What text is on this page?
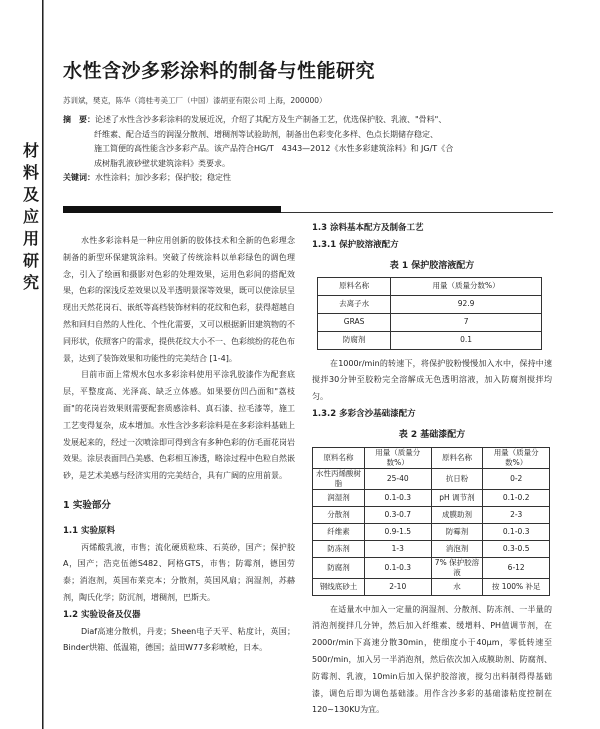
材
料
及
应
用
研
究
水性含沙多彩涂料的制备与性能研究
苏训斌，樊克，陈华（湾桂考美工厂（中国）漆胡亚有限公司 上海，200000）
摘　要：论述了水性含沙多彩涂料的发展近况，介绍了其配方及生产制备工艺，优选保护胶、乳液、"骨料"、
纤维素、配合适当的润湿分散剂、增稠剂等试验助剂，制备出色彩变化多样、色点长期储存稳定、
施工简便的高性能含沙多彩产品。该产品符合HG/T　4343—2012《水性多彩建筑涂料》和 JG/T《合
成树脂乳液砂壁状建筑涂料》类要求。
关键词：水性涂料；加沙多彩；保护胶；稳定性

水性多彩涂料是一种应用创新的胶体技术和全新的色彩理念制备的新型环保建筑涂料。突破了传统涂料以单彩绿色的调色理念，引入了绘画和摄影对色彩的处理效果，运用色彩间的搭配效果，色彩的深浅反差效果以及半透明景深等效果，既可以使涂层呈现出天然花岗石、嵌纸等高档装饰材料的花纹和色彩，获得超越自然和回归自然的人性化、个性化需要，又可以根据新旧建筑物的不同形状，依照客户的需求，提供花纹大小不一、色彩缤纷的花色布景，达到了装饰效果和功能性的完美结合 [1-4]。

目前市面上常规水包水多彩涂料使用平涂乳胶漆作为配套底层，平整度高、光泽高、缺乏立体感。如果要仿凹凸面和"荔枝面"的花岗岩效果则需要配套质感涂料、真石漆、拉毛漆等，施工工艺变得复杂，成本增加。水性含沙多彩涂料是在多彩涂料基础上发展起来的，经过一次喷涂即可得到含有多种色彩的仿毛面花岗岩效果。涂层表面凹凸美感、色彩相互渗透，略涂过程中色粒自然嵌砂，是艺术美感与经济实用的完美结合，具有广阔的应用前景。

1 实验部分
1.1 实验原料

丙烯酸乳液，市售；流化硬质粒珠、石英砂，国产；保护胶A，国产；浩克伍德S482、阿格GTS，市售；防霉剂，德国劳泰；消泡剂，英国布莱克本；分散剂，英国风扇；润湿剂，苏赫剂，陶氏化学；防沉剂，增稠剂，巴斯夫。

1.2 实验设备及仪器

Diaf高速分散机，丹麦；Sheen电子天平、粘度计，英国；Binder烘箱、低温箱，德国；益田W77多彩喷枪，日本。

1.3 涂料基本配方及制备工艺
1.3.1 保护胶溶液配方
表 1 保护胶溶液配方
原料名称	用量（质量分数%）
去离子水	92.9
GRAS	7
防腐剂	0.1

在1000r/min的转速下，将保护胶粉慢慢加入水中，保持中速搅拌30分钟至胶粉完全溶解成无色透明溶液，加入防腐剂搅拌均匀。

1.3.2 多彩含沙基础漆配方
表 2 基础漆配方
原料名称	用量（质量分数%）	原料名称	用量（质量分数%）
水性丙烯酸树脂	25-40	抗日粉	0-2
润湿剂	0.1-0.3	pH 调节剂	0.1-0.2
分散剂	0.3-0.7	成膜助剂	2-3
纤维素	0.9-1.5	防霉剂	0.1-0.3
防冻剂	1-3	消泡剂	0.3-0.5
防腐剂	0.1-0.3	7% 保护胶溶液	6-12
钢线底砂土	2-10	水	按 100% 补足

在适量水中加入一定量的润湿剂、分散剂、防冻剂、一半量的消泡剂搅拌几分钟，然后加入纤维素、缓增料、PH值调节剂，在2000r/min下高速分散30min，使细度小于40μm，零低转速至500r/min，加入另一半消泡剂，然后依次加入成膜助剂、防腐剂、防霉剂、乳液，10min后加入保护胶溶液，搅匀出料制得得基础漆，调色后即为调色基础漆。用作含沙多彩的基础漆粘度控制在120~130KU为宜。
